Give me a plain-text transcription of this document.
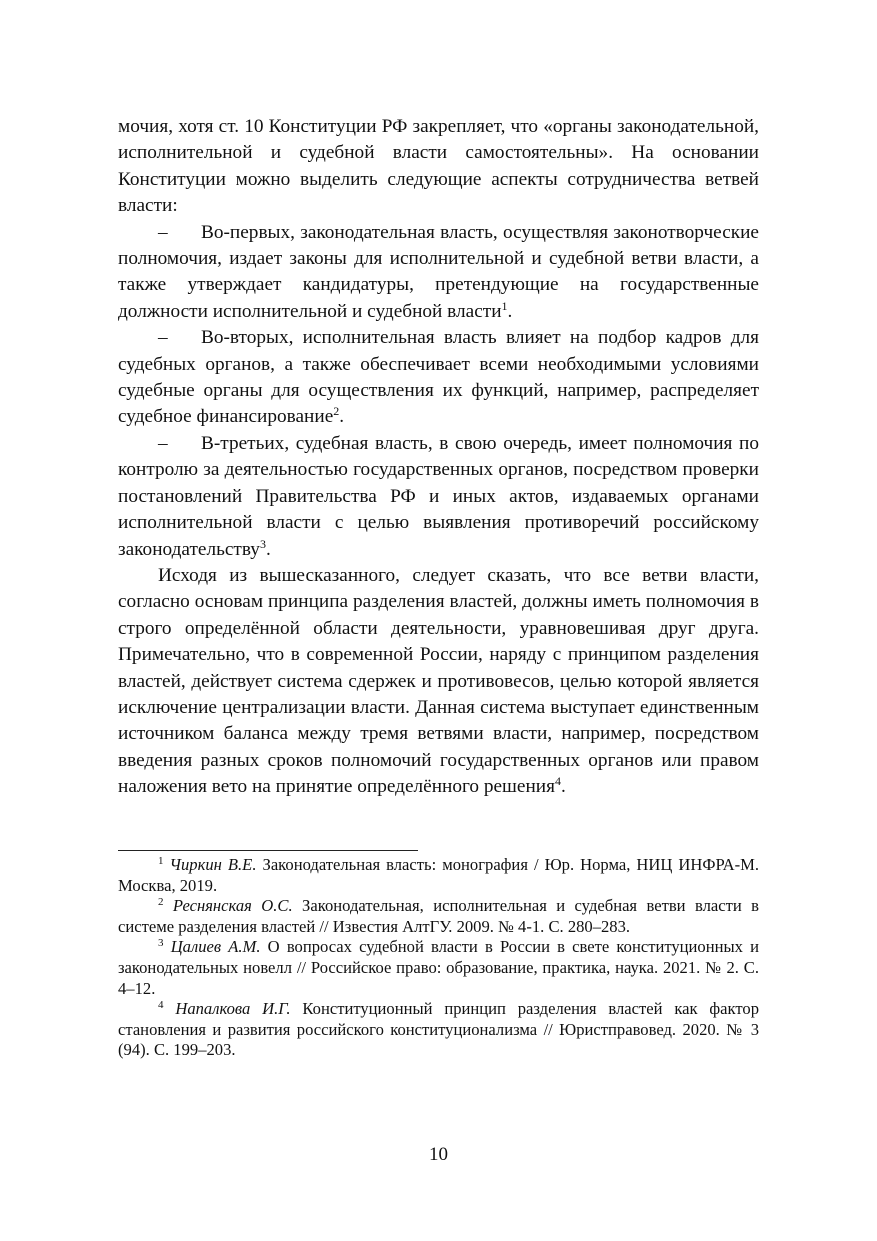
мочия, хотя ст. 10 Конституции РФ закрепляет, что «органы законодательной, исполнительной и судебной власти самостоятельны». На основании Конституции можно выделить следующие аспекты сотрудничества ветвей власти:

– Во-первых, законодательная власть, осуществляя законотворческие полномочия, издает законы для исполнительной и судебной ветви власти, а также утверждает кандидатуры, претендующие на государственные должности исполнительной и судебной власти$^1$.

– Во-вторых, исполнительная власть влияет на подбор кадров для судебных органов, а также обеспечивает всеми необходимыми условиями судебные органы для осуществления их функций, например, распределяет судебное финансирование$^2$.

– В-третьих, судебная власть, в свою очередь, имеет полномочия по контролю за деятельностью государственных органов, посредством проверки постановлений Правительства РФ и иных актов, издаваемых органами исполнительной власти с целью выявления противоречий российскому законодательству$^3$.

Исходя из вышесказанного, следует сказать, что все ветви власти, согласно основам принципа разделения властей, должны иметь полномочия в строго определённой области деятельности, уравновешивая друг друга. Примечательно, что в современной России, наряду с принципом разделения властей, действует система сдержек и противовесов, целью которой является исключение централизации власти. Данная система выступает единственным источником баланса между тремя ветвями власти, например, посредством введения разных сроков полномочий государственных органов или правом наложения вето на принятие определённого решения$^4$.

$^1$ Чиркин В.Е. Законодательная власть: монография / Юр. Норма, НИЦ ИНФРА-М. Москва, 2019.

$^2$ Реснянская О.С. Законодательная, исполнительная и судебная ветви власти в системе разделения властей // Известия АлтГУ. 2009. № 4-1. С. 280–283.

$^3$ Цалиев А.М. О вопросах судебной власти в России в свете конституционных и законодательных новелл // Российское право: образование, практика, наука. 2021. № 2. С. 4–12.

$^4$ Напалкова И.Г. Конституционный принцип разделения властей как фактор становления и развития российского конституционализма // Юристправовед. 2020. № 3 (94). С. 199–203.

10
